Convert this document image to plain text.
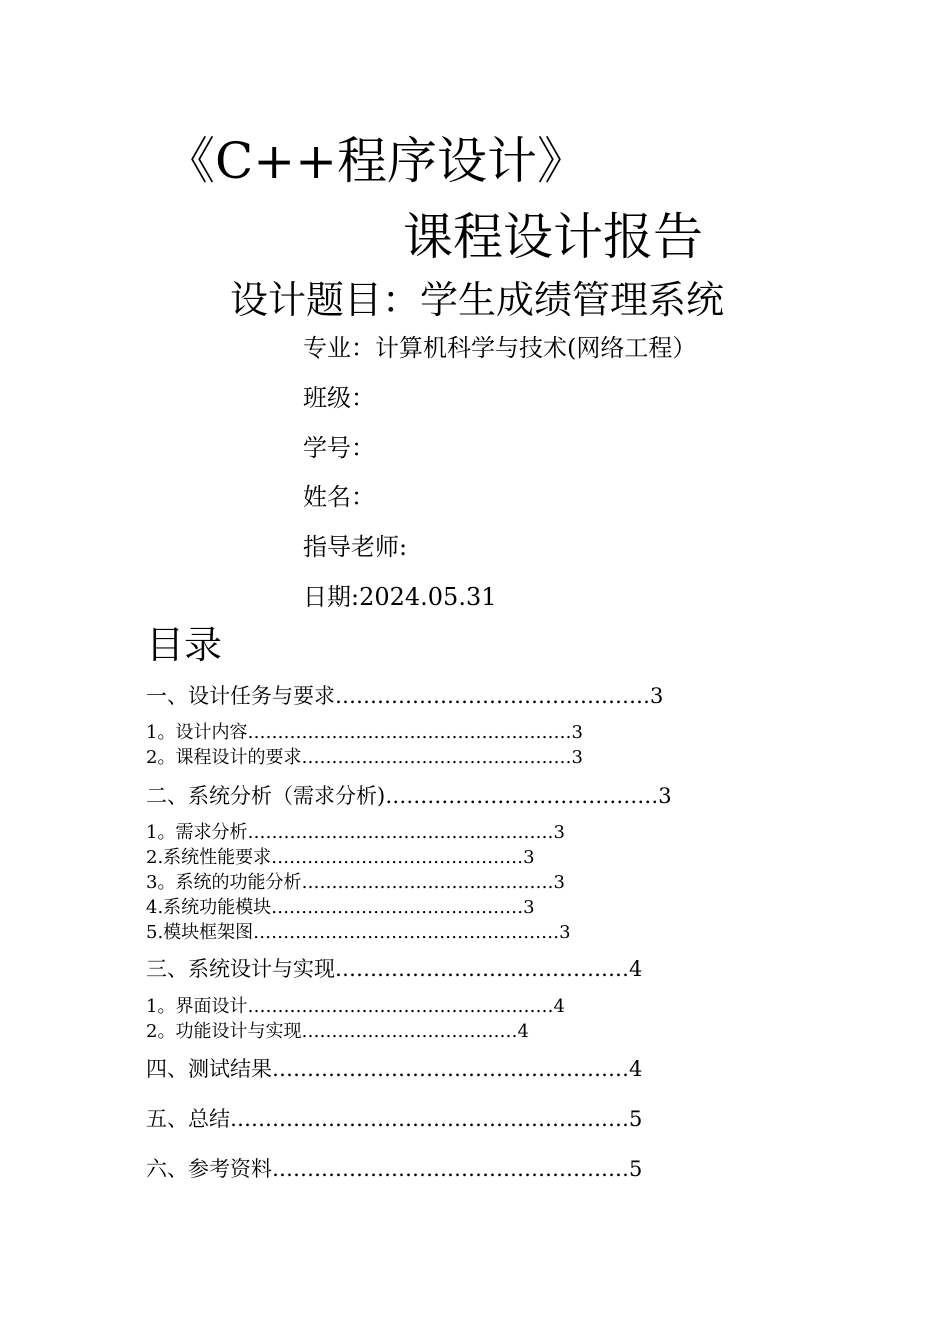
《C++程序设计》
课程设计报告
设计题目：学生成绩管理系统
专业：计算机科学与技术(网络工程）
班级：
学号：
姓名：
指导老师:
日期:2024.05.31
目录
一、设计任务与要求………………………………………3
1。设计内容………………………………………………3
2。课程设计的要求………………………………………3
二、系统分析（需求分析)…………………………………3
1。需求分析……………………………………………3
2.系统性能要求……………………………………3
3。系统的功能分析……………………………………3
4.系统功能模块……………………………………3
5.模块框架图……………………………………………3
三、系统设计与实现……………………………………4
1。界面设计……………………………………………4
2。功能设计与实现………………………………4
四、测试结果……………………………………………4
五、总结…………………………………………………5
六、参考资料……………………………………………5
